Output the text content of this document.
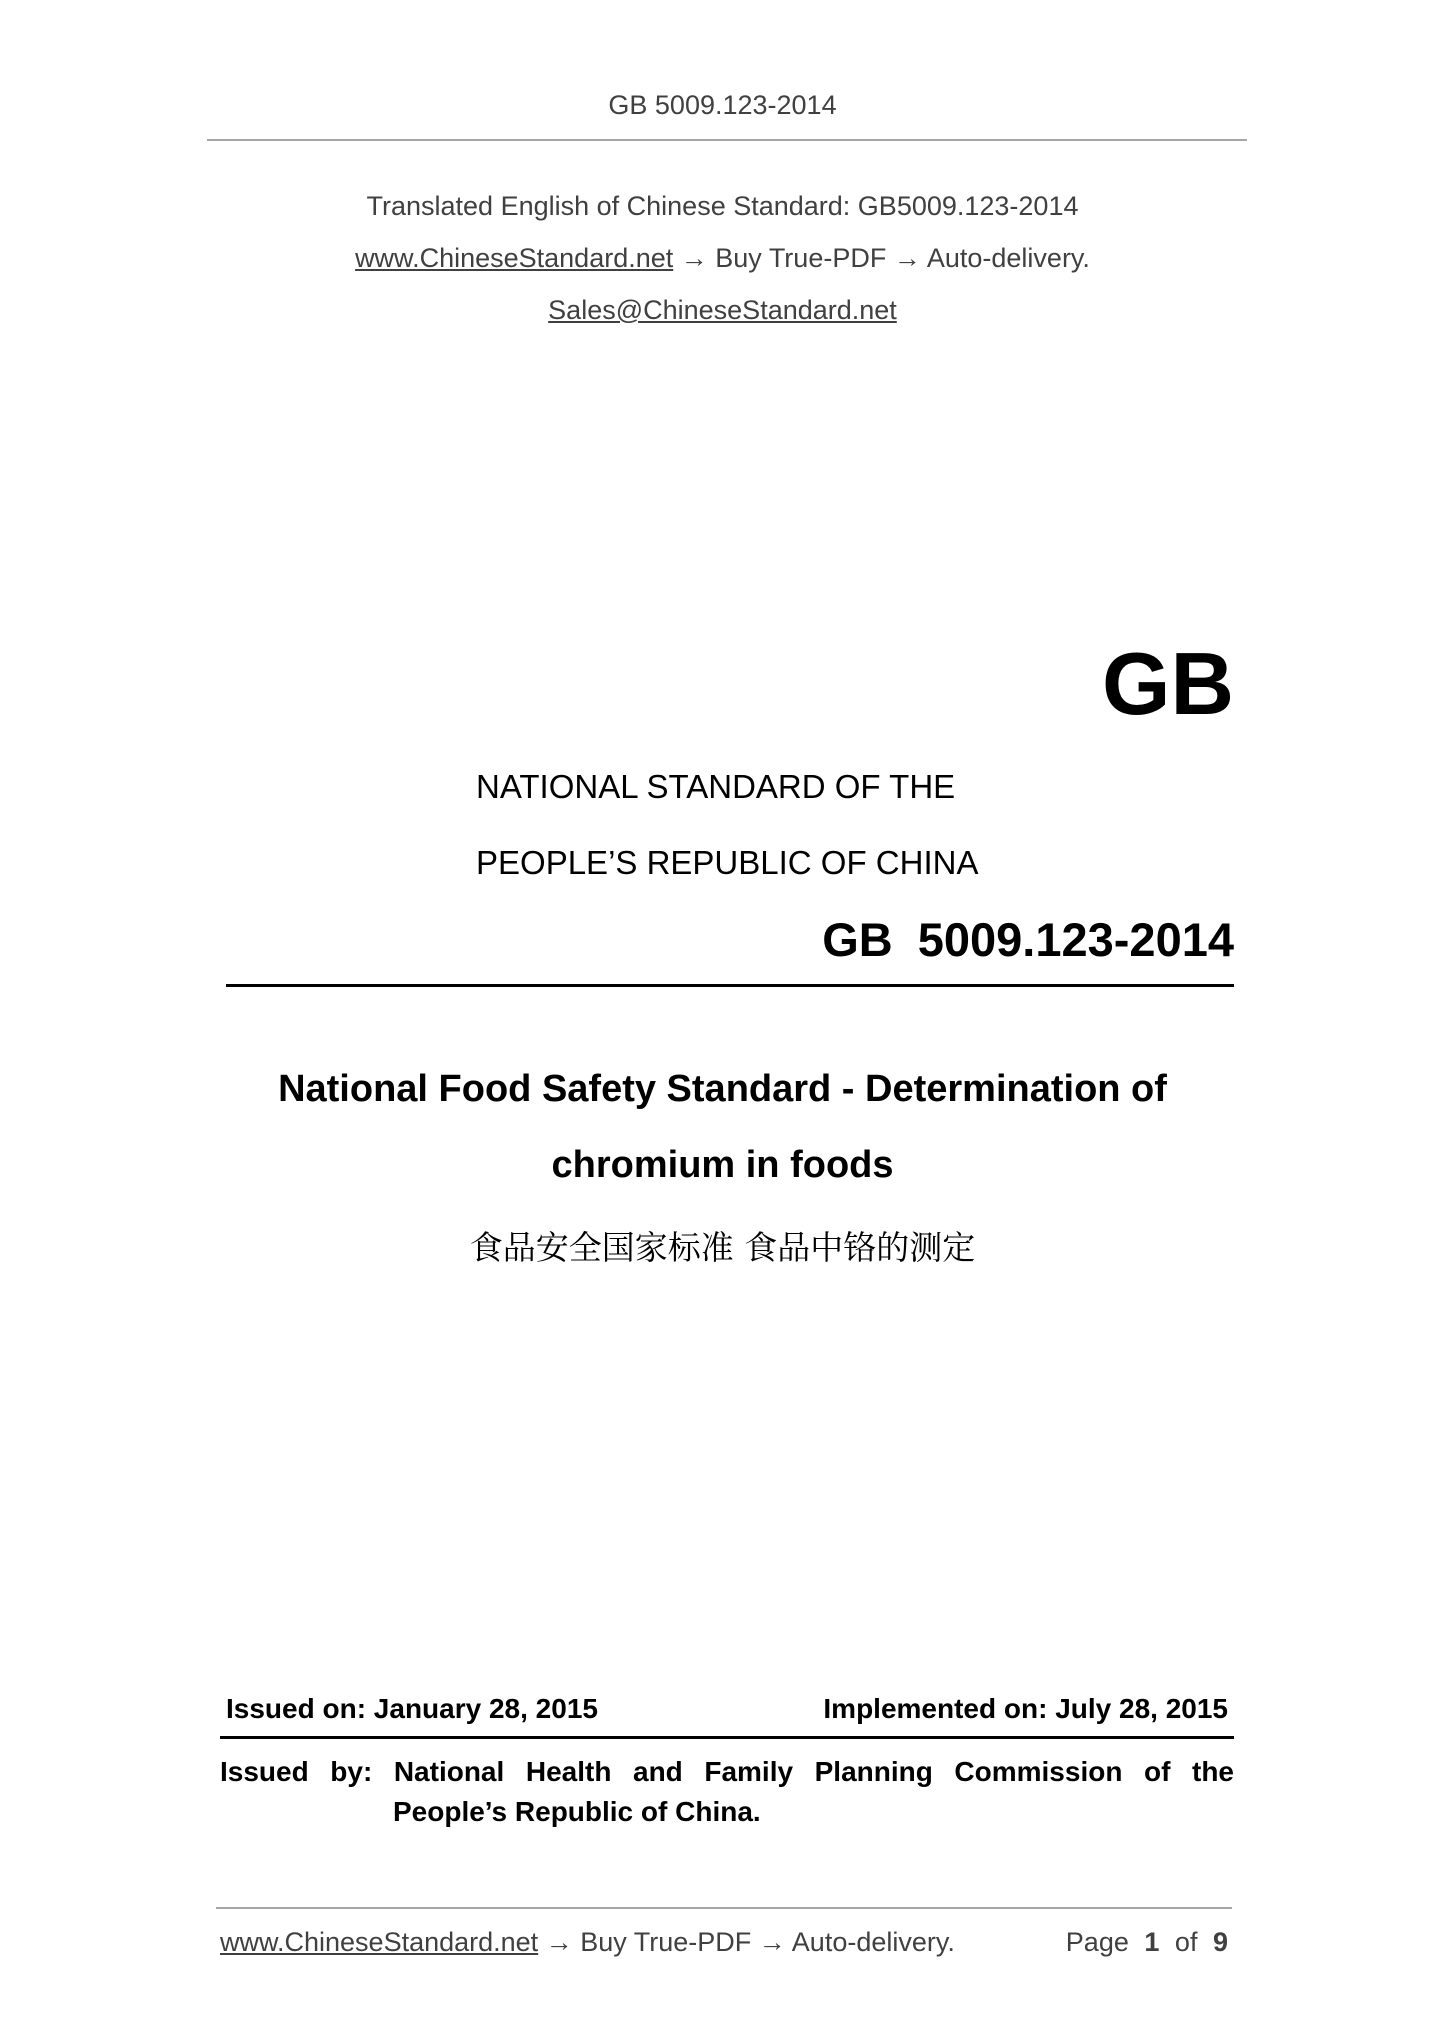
GB 5009.123-2014
Translated English of Chinese Standard: GB5009.123-2014
www.ChineseStandard.net → Buy True-PDF → Auto-delivery.
Sales@ChineseStandard.net
GB
NATIONAL STANDARD OF THE
PEOPLE’S REPUBLIC OF CHINA
GB 5009.123-2014
National Food Safety Standard - Determination of
chromium in foods
食品安全国家标准 食品中铬的测定
Issued on: January 28, 2015	Implemented on: July 28, 2015
Issued by: National Health and Family Planning Commission of the
People’s Republic of China.
www.ChineseStandard.net → Buy True-PDF → Auto-delivery.	Page 1 of 9
